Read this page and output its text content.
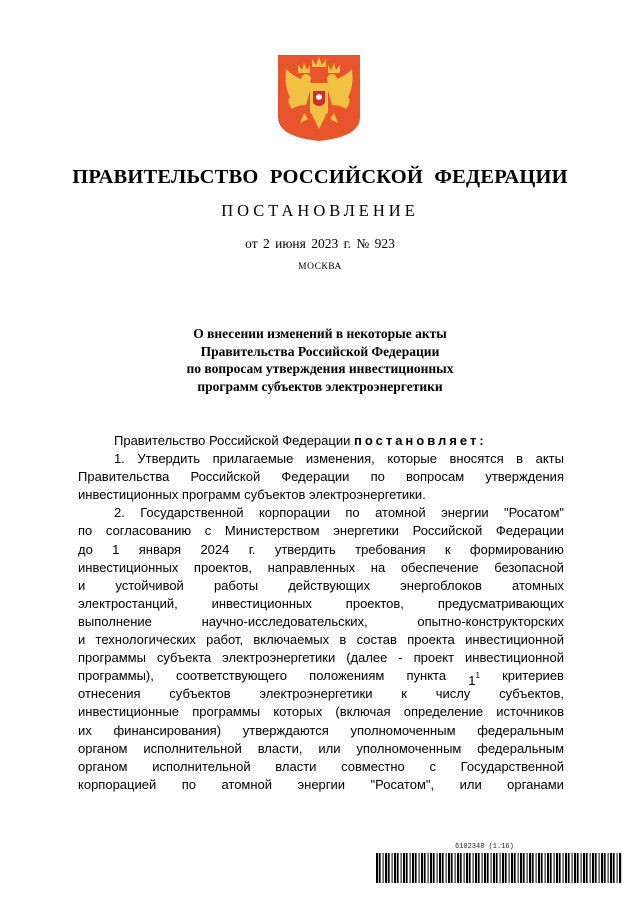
ПРАВИТЕЛЬСТВО РОССИЙСКОЙ ФЕДЕРАЦИИ
ПОСТАНОВЛЕНИЕ
от 2 июня 2023 г. № 923
МОСКВА
О внесении изменений в некоторые акты
Правительства Российской Федерации
по вопросам утверждения инвестиционных
программ субъектов электроэнергетики
Правительство Российской Федерации
постановляет:
1. Утвердить прилагаемые изменения, которые вносятся в акты
Правительства Российской Федерации по вопросам утверждения
инвестиционных программ субъектов электроэнергетики.
2. Государственной корпорации по атомной энергии "Росатом"
по согласованию с Министерством энергетики Российской Федерации
до 1 января 2024 г. утвердить требования к формированию
инвестиционных проектов, направленных на обеспечение безопасной
и устойчивой работы действующих энергоблоков атомных
электростанций,	инвестиционных	проектов,	предусматривающих
выполнение	научно-исследовательских,	опытно-конструкторских
и технологических работ, включаемых в состав проекта инвестиционной
программы субъекта электроэнергетики (далее - проект инвестиционной
программы), соответствующего положениям пункта $1^1$ критериев
отнесения субъектов электроэнергетики к числу субъектов,
инвестиционные программы которых (включая определение источников
их финансирования) утверждаются уполномоченным федеральным
органом исполнительной власти, или уполномоченным федеральным
органом исполнительной власти совместно с Государственной
корпорацией по атомной энергии "Росатом", или органами
6102348 (1.16)
